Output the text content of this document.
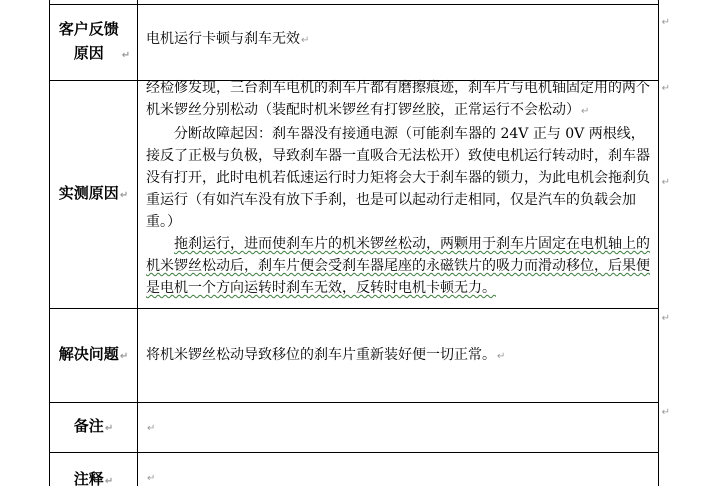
客户反馈原因 ↵
电机运行卡顿与刹车无效↵
↵
实测原因↵
经检修发现，三台刹车电机的刹车片都有磨擦痕迹，刹车片与电机轴固定用的两个机米锣丝分别松动（装配时机米锣丝有打锣丝胶，正常运行不会松动）↵
分断故障起因：刹车器没有接通电源（可能刹车器的 24V 正与 0V 两根线，接反了正极与负极，导致刹车器一直吸合无法松开）致使电机运行转动时，刹车器没有打开，此时电机若低速运行时力矩将会大于刹车器的锁力，为此电机会拖刹负重运行（有如汽车没有放下手刹，也是可以起动行走相同，仅是汽车的负载会加重。）
拖刹运行，进而使刹车片的机米锣丝松动，两颗用于刹车片固定在电机轴上的机米锣丝松动后，刹车片便会受刹车器尾座的永磁铁片的吸力而滑动移位，后果便是电机一个方向运转时刹车无效，反转时电机卡顿无力。
↵
↵
解决问题↵ 将机米锣丝松动导致移位的刹车片重新装好便一切正常。↵
↵
备注↵	↵
↵
注释↵	↵
